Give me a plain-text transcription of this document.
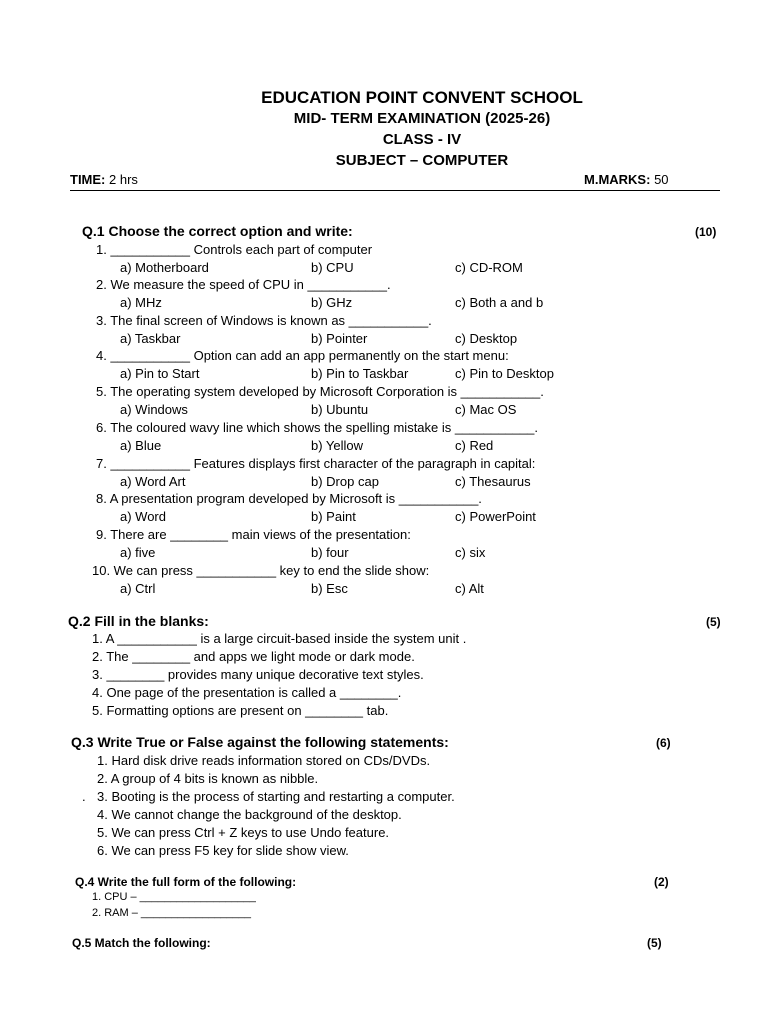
EDUCATION POINT CONVENT SCHOOL
MID- TERM EXAMINATION (2025-26)
CLASS - IV
SUBJECT – COMPUTER
TIME: 2 hrs	M.MARKS: 50
Q.1 Choose the correct option and write:	(10)
1. ___________ Controls each part of computer
a) Motherboard	b) CPU	c) CD-ROM
2. We measure the speed of CPU in ___________.
a) MHz	b) GHz	c) Both a and b
3. The final screen of Windows is known as ___________.
a) Taskbar	b) Pointer	c) Desktop
4. ___________ Option can add an app permanently on the start menu:
a) Pin to Start	b) Pin to Taskbar	c) Pin to Desktop
5. The operating system developed by Microsoft Corporation is ___________.
a) Windows	b) Ubuntu	c) Mac OS
6. The coloured wavy line which shows the spelling mistake is ___________.
a) Blue	b) Yellow	c) Red
7. ___________ Features displays first character of the paragraph in capital:
a) Word Art	b) Drop cap	c) Thesaurus
8. A presentation program developed by Microsoft is ___________.
a) Word	b) Paint	c) PowerPoint
9. There are ________ main views of the presentation:
a) five	b) four	c) six
10. We can press ___________ key to end the slide show:
a) Ctrl	b) Esc	c) Alt
Q.2 Fill in the blanks:	(5)
1. A ___________ is a large circuit-based inside the system unit .
2. The ________ and apps we light mode or dark mode.
3. ________ provides many unique decorative text styles.
4. One page of the presentation is called a ________.
5. Formatting options are present on ________ tab.
Q.3 Write True or False against the following statements:	(6)
.
1. Hard disk drive reads information stored on CDs/DVDs.
2. A group of 4 bits is known as nibble.
3. Booting is the process of starting and restarting a computer.
4. We cannot change the background of the desktop.
5. We can press Ctrl + Z keys to use Undo feature.
6. We can press F5 key for slide show view.
Q.4 Write the full form of the following:	(2)
1. CPU – ___________________
2. RAM – __________________
Q.5 Match the following:	(5)
